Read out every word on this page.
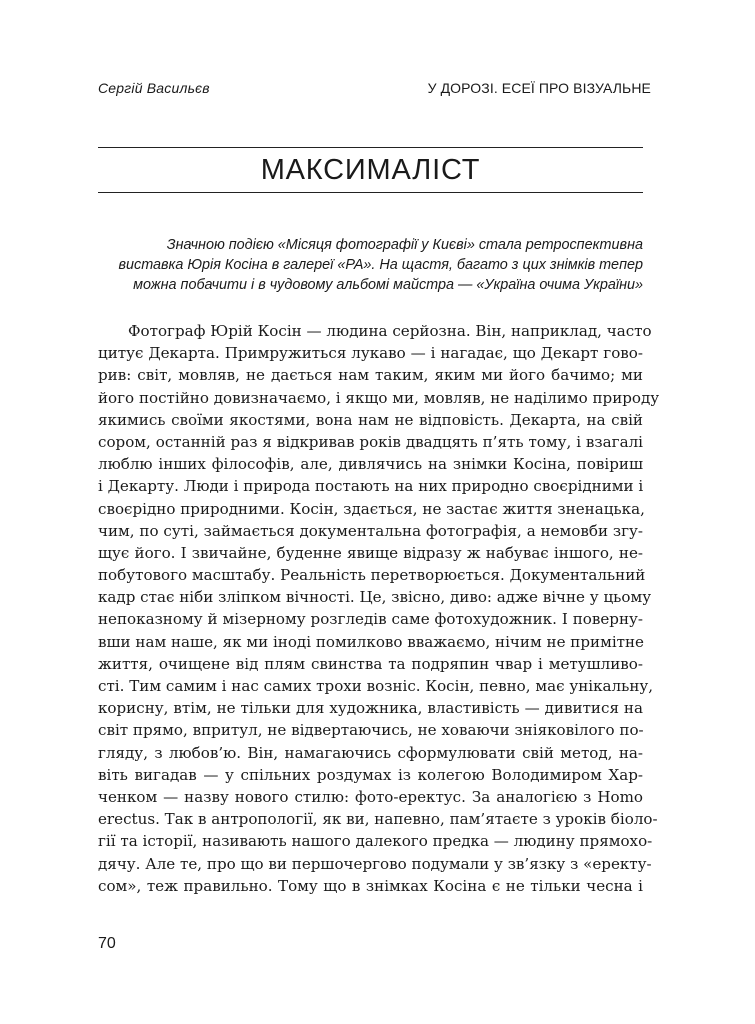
Сергій Васильєв	У ДОРОЗІ. ЕСЕЇ ПРО ВІЗУАЛЬНЕ
МАКСИМАЛІСТ
Значною подією «Місяця фотографії у Києві» стала ретроспективна
виставка Юрія Косіна в галереї «РА». На щастя, багато з цих знімків тепер
можна побачити і в чудовому альбомі майстра — «Україна очима України»
Фотограф Юрій Косін — людина серйозна. Він, наприклад, часто
цитує Декарта. Примружиться лукаво — і нагадає, що Декарт гово-
рив: світ, мовляв, не дається нам таким, яким ми його бачимо; ми
його постійно довизначаємо, і якщо ми, мовляв, не наділимо природу
якимись своїми якостями, вона нам не відповість. Декарта, на свій
сором, останній раз я відкривав років двадцять п’ять тому, і взагалі
люблю інших філософів, але, дивлячись на знімки Косіна, повіриш
і Декарту. Люди і природа постають на них природно своєрідними і
своєрідно природними. Косін, здається, не застає життя зненацька,
чим, по суті, займається документальна фотографія, а немовби згу-
щує його. І звичайне, буденне явище відразу ж набуває іншого, не-
побутового масштабу. Реальність перетворюється. Документальний
кадр стає ніби зліпком вічності. Це, звісно, диво: адже вічне у цьому
непоказному й мізерному розгледів саме фотохудожник. І поверну-
вши нам наше, як ми іноді помилково вважаємо, нічим не примітне
життя, очищене від плям свинства та подряпин чвар і метушливо-
сті. Тим самим і нас самих трохи возніс. Косін, певно, має унікальну,
корисну, втім, не тільки для художника, властивість — дивитися на
світ прямо, впритул, не відвертаючись, не ховаючи зніяковілого по-
гляду, з любов’ю. Він, намагаючись сформулювати свій метод, на-
віть вигадав — у спільних роздумах із колегою Володимиром Хар-
ченком — назву нового стилю: фото-еректус. За аналогією з Homo
erectus. Так в антропології, як ви, напевно, пам’ятаєте з уроків біоло-
гії та історії, називають нашого далекого предка — людину прямохо-
дячу. Але те, про що ви першочергово подумали у зв’язку з «еректу-
сом», теж правильно. Тому що в знімках Косіна є не тільки чесна і
70
